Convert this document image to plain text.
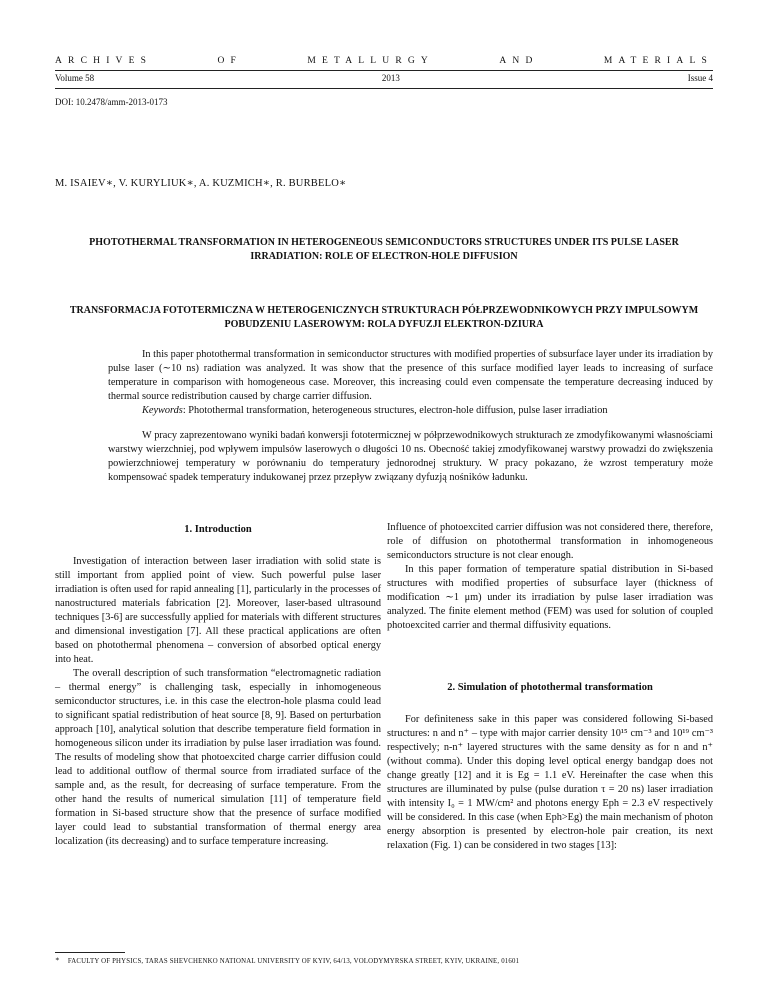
ARCHIVES	OF	METALLURGY	AND	MATERIALS
Volume 58	2013	Issue 4
DOI: 10.2478/amm-2013-0173
M. ISAIEV∗, V. KURYLIUK∗, A. KUZMICH∗, R. BURBELO∗
PHOTOTHERMAL TRANSFORMATION IN HETEROGENEOUS SEMICONDUCTORS STRUCTURES UNDER ITS PULSE LASER IRRADIATION: ROLE OF ELECTRON-HOLE DIFFUSION
TRANSFORMACJA FOTOTERMICZNA W HETEROGENICZNYCH STRUKTURACH PÓŁPRZEWODNIKOWYCH PRZY IMPULSOWYM POBUDZENIU LASEROWYM: ROLA DYFUZJI ELEKTRON-DZIURA

In this paper photothermal transformation in semiconductor structures with modified properties of subsurface layer under its irradiation by pulse laser (∼10 ns) radiation was analyzed. It was show that the presence of this surface modified layer leads to increasing of surface temperature in comparison with homogeneous case. Moreover, this increasing could even compensate the temperature decreasing induced by thermal source redistribution caused by charge carrier diffusion.

Keywords: Photothermal transformation, heterogeneous structures, electron-hole diffusion, pulse laser irradiation

W pracy zaprezentowano wyniki badań konwersji fototermicznej w półprzewodnikowych strukturach ze zmodyfikowanymi własnościami warstwy wierzchniej, pod wpływem impulsów laserowych o długości 10 ns. Obecność takiej zmodyfikowanej warstwy prowadzi do zwiększenia powierzchniowej temperatury w porównaniu do temperatury jednorodnej struktury. W pracy pokazano, że wzrost temperatury może kompensować spadek temperatury indukowanej przez przepływ związany dyfuzją nośników ładunku.

1. Introduction

Investigation of interaction between laser irradiation with solid state is still important from applied point of view. Such powerful pulse laser irradiation is often used for rapid annealing [1], particularly in the processes of nanostructured materials fabrication [2]. Moreover, laser-based ultrasound techniques [3-6] are successfully applied for materials with different structures and dimensional investigation [7]. All these practical applications are often based on photothermal phenomena – conversion of absorbed optical energy into heat.

The overall description of such transformation “electromagnetic radiation – thermal energy” is challenging task, especially in inhomogeneous semiconductor structures, i.e. in this case the electron-hole plasma could lead to significant spatial redistribution of heat source [8, 9]. Based on perturbation approach [10], analytical solution that describe temperature field formation in homogeneous silicon under its irradiation by pulse laser irradiation was found. The results of modeling show that photoexcited charge carrier diffusion could lead to additional outflow of thermal source from irradiated surface of the sample and, as the result, for decreasing of surface temperature. From the other hand the results of numerical simulation [11] of temperature field formation in Si-based structure show that the presence of surface modified layer could lead to substantial transformation of thermal energy area localization (its decreasing) and to surface temperature increasing.

Influence of photoexcited carrier diffusion was not considered there, therefore, role of diffusion on photothermal transformation in inhomogeneous semiconductors structure is not clear enough.

In this paper formation of temperature spatial distribution in Si-based structures with modified properties of subsurface layer (thickness of modification ∼1 μm) under its irradiation by pulse laser irradiation was analyzed. The finite element method (FEM) was used for solution of coupled photoexcited carrier and thermal diffusivity equations.

2. Simulation of photothermal transformation

For definiteness sake in this paper was considered following Si-based structures: n and n⁺ – type with major carrier density 10¹⁵ cm⁻³ and 10¹⁹ cm⁻³ respectively; n-n⁺ layered structures with the same density as for n and n⁺ (without comma). Under this doping level optical energy bandgap does not change greatly [12] and it is Eg = 1.1 eV. Hereinafter the case when this structures are illuminated by pulse (pulse duration τ = 20 ns) laser irradiation with intensity I₀ = 1 MW/cm² and photons energy Eph = 2.3 eV respectively will be considered. In this case (when Eph>Eg) the main mechanism of photon energy absorption is presented by electron-hole pair creation, its next relaxation (Fig. 1) can be considered in two stages [13]:

∗ FACULTY OF PHYSICS, TARAS SHEVCHENKO NATIONAL UNIVERSITY OF KYIV, 64/13, VOLODYMYRSKA STREET, KYIV, UKRAINE, 01601
